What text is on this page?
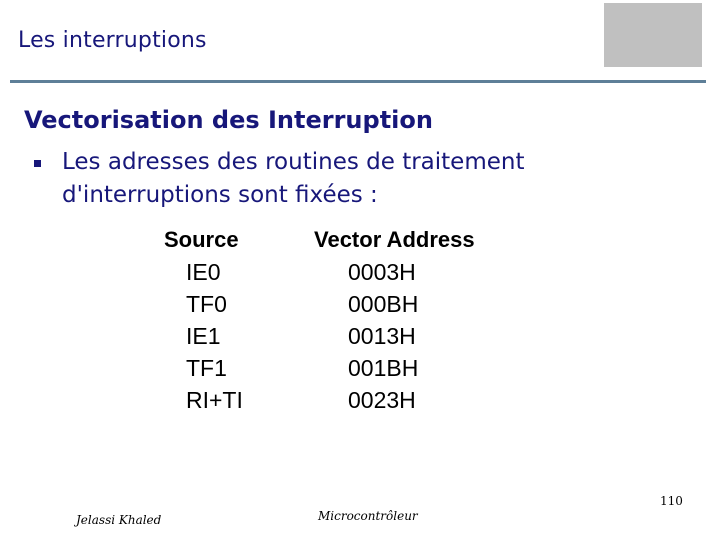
Les interruptions
Vectorisation des Interruption
Les adresses des routines de traitement d'interruptions sont fixées :
Source	Vector Address
IE0	0003H
TF0	000BH
IE1	0013H
TF1	001BH
RI+TI	0023H
Jelassi Khaled	Microcontrôleur
110
